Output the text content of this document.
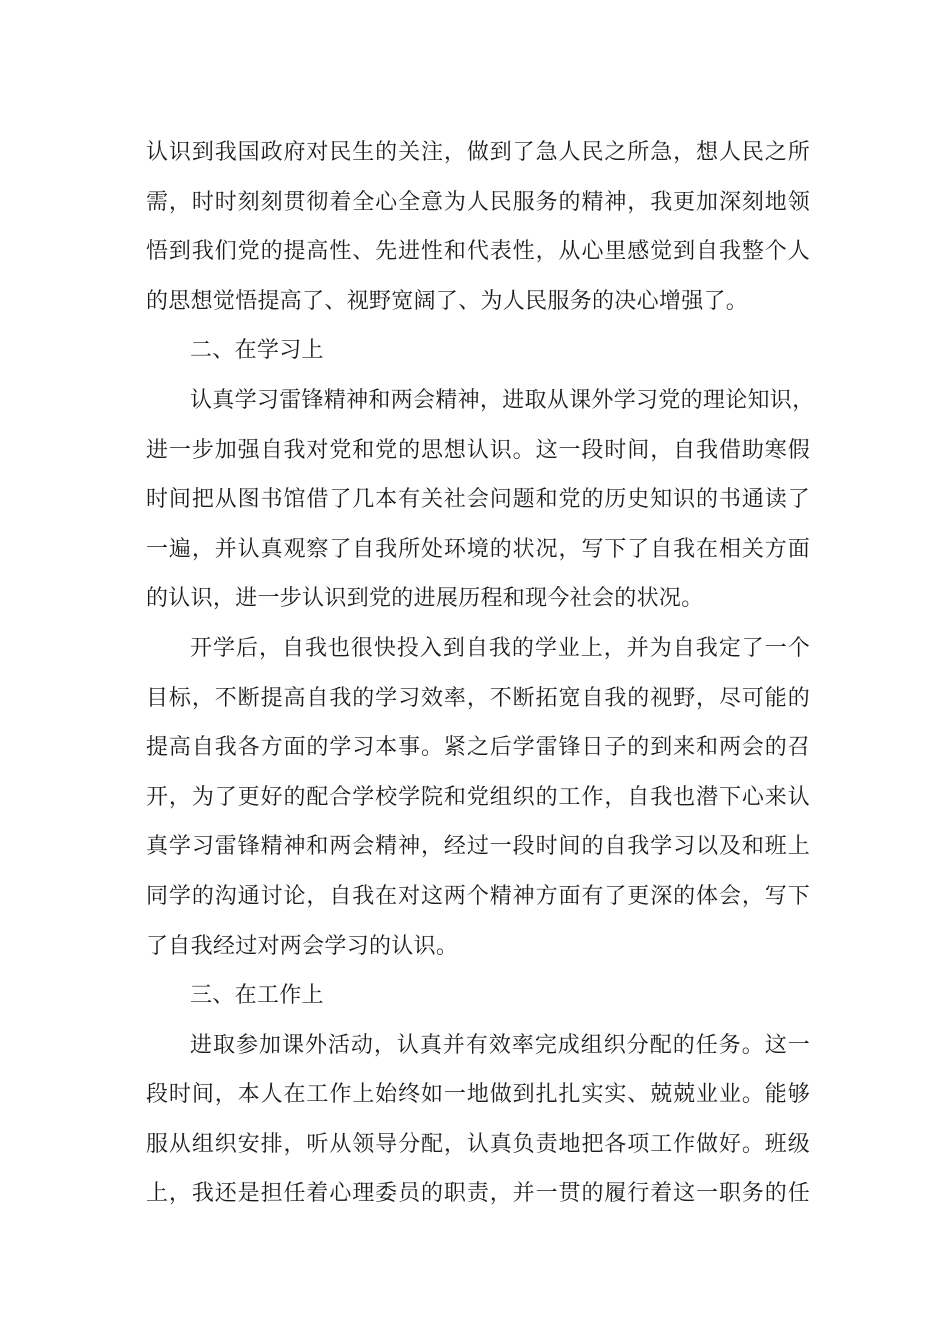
认识到我国政府对民生的关注，做到了急人民之所急，想人民之所
需，时时刻刻贯彻着全心全意为人民服务的精神，我更加深刻地领
悟到我们党的提高性、先进性和代表性，从心里感觉到自我整个人
的思想觉悟提高了、视野宽阔了、为人民服务的决心增强了。
二、在学习上
认真学习雷锋精神和两会精神，进取从课外学习党的理论知识，
进一步加强自我对党和党的思想认识。这一段时间，自我借助寒假
时间把从图书馆借了几本有关社会问题和党的历史知识的书通读了
一遍，并认真观察了自我所处环境的状况，写下了自我在相关方面
的认识，进一步认识到党的进展历程和现今社会的状况。
开学后，自我也很快投入到自我的学业上，并为自我定了一个
目标，不断提高自我的学习效率，不断拓宽自我的视野，尽可能的
提高自我各方面的学习本事。紧之后学雷锋日子的到来和两会的召
开，为了更好的配合学校学院和党组织的工作，自我也潜下心来认
真学习雷锋精神和两会精神，经过一段时间的自我学习以及和班上
同学的沟通讨论，自我在对这两个精神方面有了更深的体会，写下
了自我经过对两会学习的认识。
三、在工作上
进取参加课外活动，认真并有效率完成组织分配的任务。这一
段时间，本人在工作上始终如一地做到扎扎实实、兢兢业业。能够
服从组织安排，听从领导分配，认真负责地把各项工作做好。班级
上，我还是担任着心理委员的职责，并一贯的履行着这一职务的任
